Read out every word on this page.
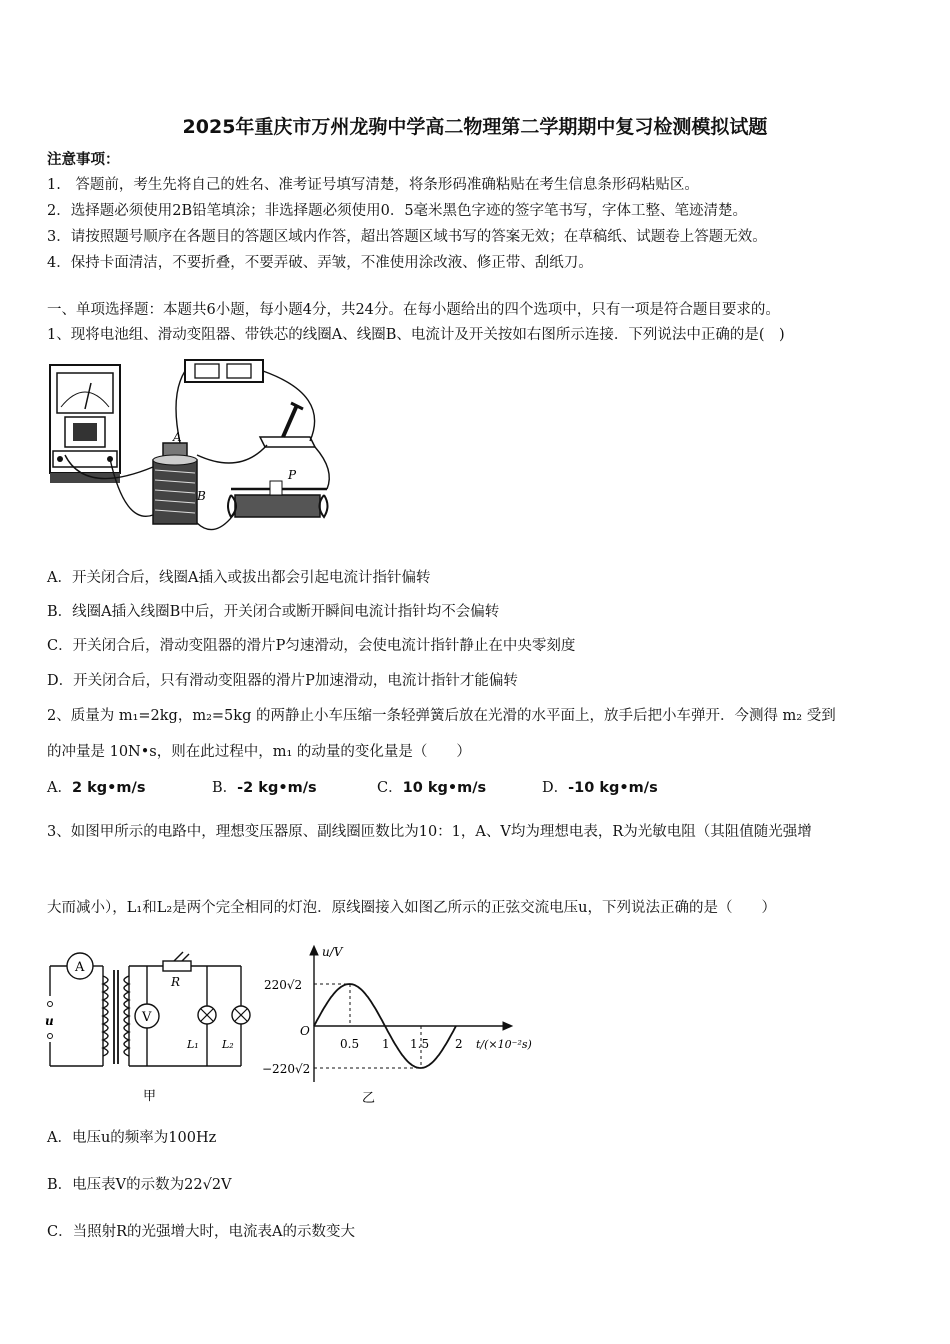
2025年重庆市万州龙驹中学高二物理第二学期期中复习检测模拟试题
注意事项：
1.　答题前，考生先将自己的姓名、准考证号填写清楚，将条形码准确粘贴在考生信息条形码粘贴区。
2．选择题必须使用2B铅笔填涂；非选择题必须使用0．5毫米黑色字迹的签字笔书写，字体工整、笔迹清楚。
3．请按照题号顺序在各题目的答题区域内作答，超出答题区域书写的答案无效；在草稿纸、试题卷上答题无效。
4．保持卡面清洁，不要折叠，不要弄破、弄皱，不准使用涂改液、修正带、刮纸刀。
一、单项选择题：本题共6小题，每小题4分，共24分。在每小题给出的四个选项中，只有一项是符合题目要求的。
1、现将电池组、滑动变阻器、带铁芯的线圈A、线圈B、电流计及开关按如右图所示连接．下列说法中正确的是(　)
A
B
P
A．开关闭合后，线圈A插入或拔出都会引起电流计指针偏转
B．线圈A插入线圈B中后，开关闭合或断开瞬间电流计指针均不会偏转
C．开关闭合后，滑动变阻器的滑片P匀速滑动，会使电流计指针静止在中央零刻度
D．开关闭合后，只有滑动变阻器的滑片P加速滑动，电流计指针才能偏转
2、质量为 m₁=2kg，m₂=5kg 的两静止小车压缩一条轻弹簧后放在光滑的水平面上，放手后把小车弹开．今测得 m₂ 受到
的冲量是 10N•s，则在此过程中，m₁ 的动量的变化量是（　　）
A．2 kg•m/s	B．-2 kg•m/s	C．10 kg•m/s	D．-10 kg•m/s
3、如图甲所示的电路中，理想变压器原、副线圈匝数比为10：1，A、V均为理想电表，R为光敏电阻（其阻值随光强增
大而减小），L₁和L₂是两个完全相同的灯泡．原线圈接入如图乙所示的正弦交流电压u，下列说法正确的是（　　）
A
V
R
u
L₁ L₂
甲
u/V
220√2
−220√2
O
0.5 1 1.5 2 t/(×10⁻²s)
乙
A．电压u的频率为100Hz
B．电压表V的示数为22√2V
C．当照射R的光强增大时，电流表A的示数变大
